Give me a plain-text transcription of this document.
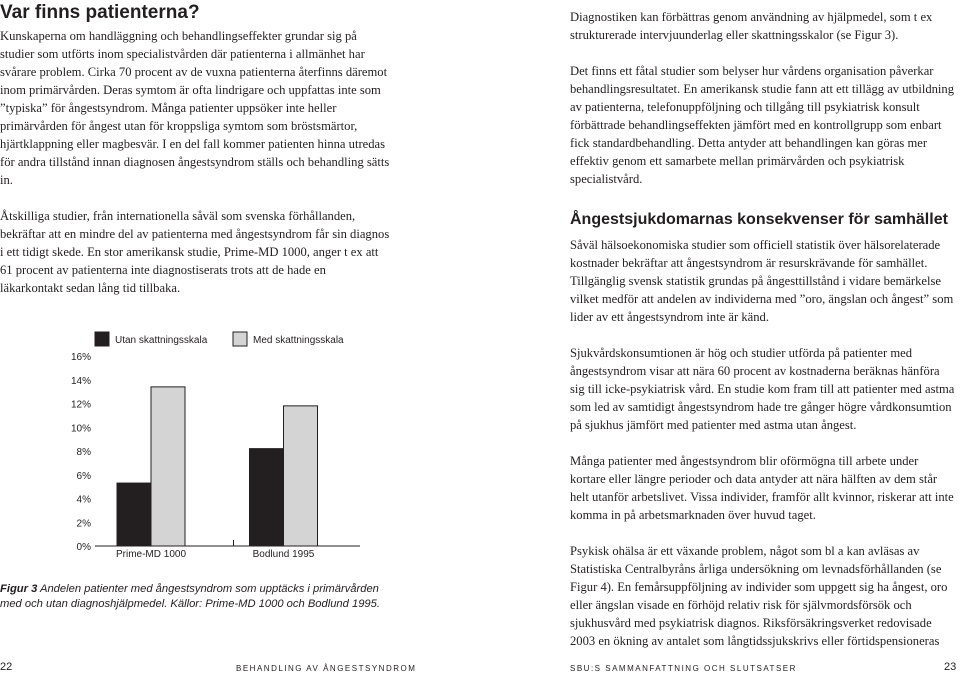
Var finns patienterna?

Kunskaperna om handläggning och behandlingseffekter grundar sig på studier som utförts inom specialistvården där patienterna i allmänhet har svårare problem. Cirka 70 procent av de vuxna patienterna återfinns däremot inom primärvården. Deras symtom är ofta lindrigare och uppfattas inte som ”typiska” för ångestsyndrom. Många patienter uppsöker inte heller primärvården för ångest utan för kroppsliga symtom som bröstsmärtor, hjärtklappning eller magbesvär. I en del fall kommer patienten hinna utredas för andra tillstånd innan diagnosen ångestsyndrom ställs och behandling sätts in.

Åtskilliga studier, från internationella såväl som svenska förhållanden, bekräftar att en mindre del av patienterna med ångestsyndrom får sin diagnos i ett tidigt skede. En stor amerikansk studie, Prime-MD 1000, anger t ex att 61 procent av patienterna inte diagnostiserats trots att de hade en läkarkontakt sedan lång tid tillbaka.

0%
2%
4%
6%
8%
10%
12%
14%
16%
Prime-MD 1000	Bodlund 1995
Utan skattningsskala	Med skattningsskala

Figur 3 Andelen patienter med ångestsyndrom som upptäcks i primärvården med och utan diagnoshjälpmedel. Källor: Prime-MD 1000 och Bodlund 1995.

Diagnostiken kan förbättras genom användning av hjälpmedel, som t ex strukturerade intervjuunderlag eller skattningsskalor (se Figur 3).

Det finns ett fåtal studier som belyser hur vårdens organisation påverkar behandlingsresultatet. En amerikansk studie fann att ett tillägg av utbildning av patienterna, telefonuppföljning och tillgång till psykiatrisk konsult förbättrade behandlingseffekten jämfört med en kontrollgrupp som enbart fick standardbehandling. Detta antyder att behandlingen kan göras mer effektiv genom ett samarbete mellan primärvården och psykiatrisk specialistvård.

Ångestsjukdomarnas konsekvenser för samhället

Såväl hälsoekonomiska studier som officiell statistik över hälsorelaterade kostnader bekräftar att ångestsyndrom är resurskrävande för samhället. Tillgänglig svensk statistik grundas på ångesttillstånd i vidare bemärkelse vilket medför att andelen av individerna med ”oro, ängslan och ångest” som lider av ett ångestsyndrom inte är känd.

Sjukvårdskonsumtionen är hög och studier utförda på patienter med ångestsyndrom visar att nära 60 procent av kostnaderna beräknas hänföra sig till icke-psykiatrisk vård. En studie kom fram till att patienter med astma som led av samtidigt ångestsyndrom hade tre gånger högre vårdkonsumtion på sjukhus jämfört med patienter med astma utan ångest.

Många patienter med ångestsyndrom blir oförmögna till arbete under kortare eller längre perioder och data antyder att nära hälften av dem står helt utanför arbetslivet. Vissa individer, framför allt kvinnor, riskerar att inte komma in på arbetsmarknaden över huvud taget.

Psykisk ohälsa är ett växande problem, något som bl a kan avläsas av Statistiska Centralbyråns årliga undersökning om levnadsförhållanden (se Figur 4). En femårsuppföljning av individer som uppgett sig ha ångest, oro eller ängslan visade en förhöjd relativ risk för självmordsförsök och sjukhusvård med psykiatrisk diagnos. Riksförsäkringsverket redovisade 2003 en ökning av antalet som långtidssjukskrivs eller förtidspensioneras

22	BEHANDLING AV ÅNGESTSYNDROM	SBU:S SAMMANFATTNING OCH SLUTSATSER	23
